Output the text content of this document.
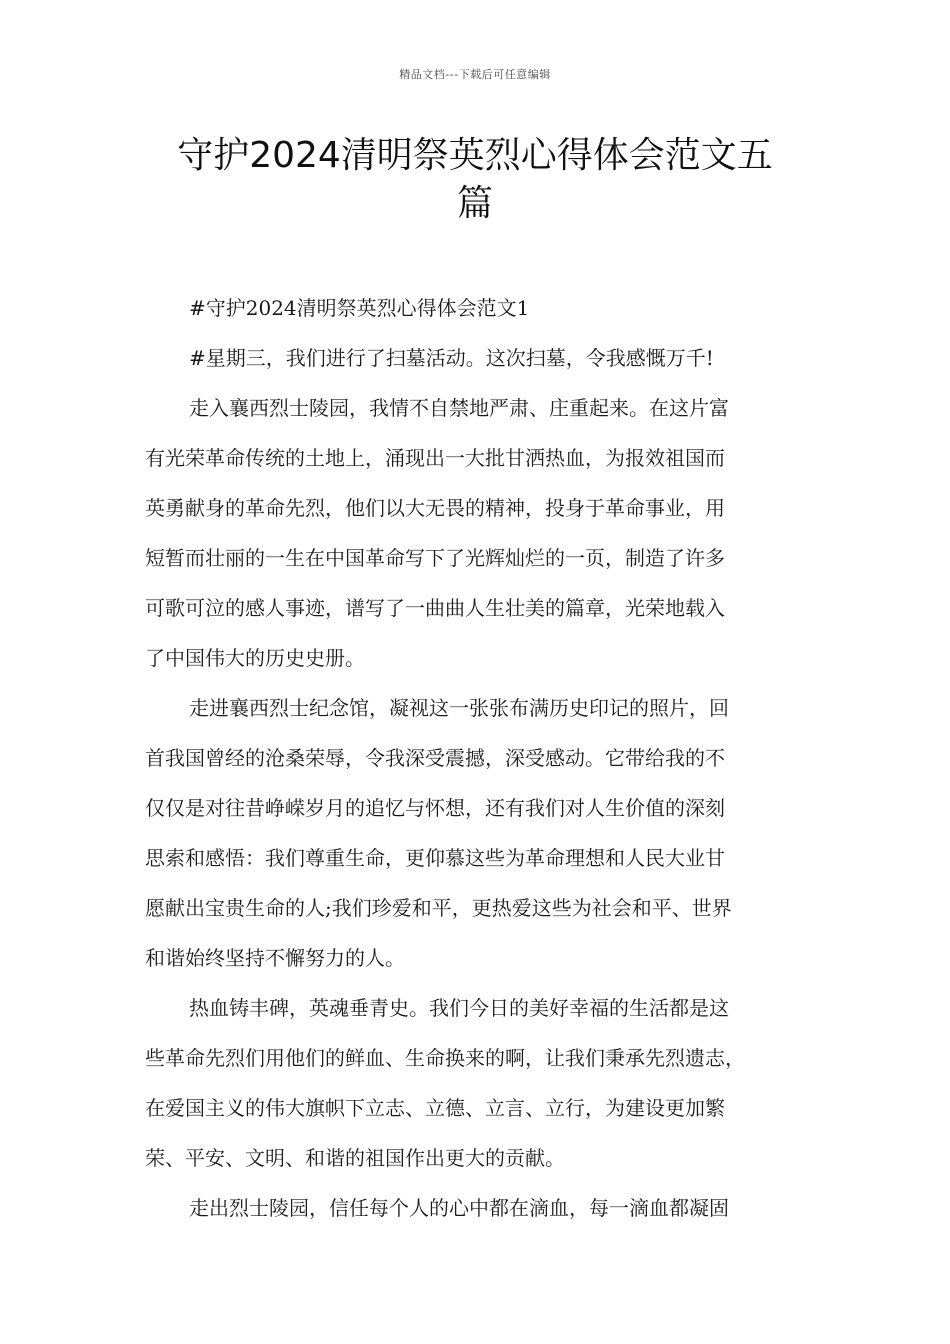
精品文档---下载后可任意编辑
守护2024清明祭英烈心得体会范文五
篇
#守护2024清明祭英烈心得体会范文1
#星期三，我们进行了扫墓活动。这次扫墓，令我感慨万千!
走入襄西烈士陵园，我情不自禁地严肃、庄重起来。在这片富
有光荣革命传统的土地上，涌现出一大批甘洒热血，为报效祖国而
英勇献身的革命先烈，他们以大无畏的精神，投身于革命事业，用
短暂而壮丽的一生在中国革命写下了光辉灿烂的一页，制造了许多
可歌可泣的感人事迹，谱写了一曲曲人生壮美的篇章，光荣地载入
了中国伟大的历史史册。
走进襄西烈士纪念馆，凝视这一张张布满历史印记的照片，回
首我国曾经的沧桑荣辱，令我深受震撼，深受感动。它带给我的不
仅仅是对往昔峥嵘岁月的追忆与怀想，还有我们对人生价值的深刻
思索和感悟：我们尊重生命，更仰慕这些为革命理想和人民大业甘
愿献出宝贵生命的人;我们珍爱和平，更热爱这些为社会和平、世界
和谐始终坚持不懈努力的人。
热血铸丰碑，英魂垂青史。我们今日的美好幸福的生活都是这
些革命先烈们用他们的鲜血、生命换来的啊，让我们秉承先烈遗志，
在爱国主义的伟大旗帜下立志、立德、立言、立行，为建设更加繁
荣、平安、文明、和谐的祖国作出更大的贡献。
走出烈士陵园，信任每个人的心中都在滴血，每一滴血都凝固
